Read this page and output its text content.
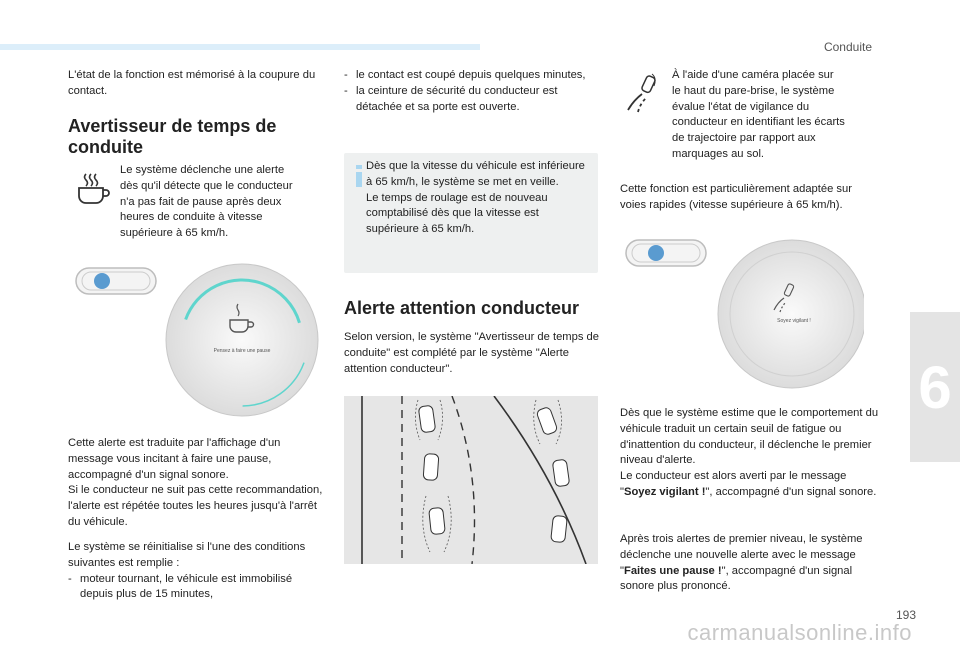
Conduite
6
193
carmanualsonline.info

L'état de la fonction est mémorisé à la coupure du contact.

Avertisseur de temps de conduite

Le système déclenche une alerte
dès qu'il détecte que le conducteur
n'a pas fait de pause après deux
heures de conduite à vitesse
supérieure à 65 km/h.

Pensez à faire une pause

Cette alerte est traduite par l'affichage d'un message vous incitant à faire une pause, accompagné d'un signal sonore.
Si le conducteur ne suit pas cette recommandation, l'alerte est répétée toutes les heures jusqu'à l'arrêt du véhicule.

Le système se réinitialise si l'une des conditions suivantes est remplie :

- moteur tournant, le véhicule est immobilisé depuis plus de 15 minutes,
- le contact est coupé depuis quelques minutes,
- la ceinture de sécurité du conducteur est détachée et sa porte est ouverte.

Dès que la vitesse du véhicule est inférieure à 65 km/h, le système se met en veille.
Le temps de roulage est de nouveau comptabilisé dès que la vitesse est supérieure à 65 km/h.

Alerte attention conducteur

Selon version, le système "Avertisseur de temps de conduite" est complété par le système "Alerte attention conducteur".

À l'aide d'une caméra placée sur
le haut du pare-brise, le système
évalue l'état de vigilance du
conducteur en identifiant les écarts
de trajectoire par rapport aux
marquages au sol.

Cette fonction est particulièrement adaptée sur voies rapides (vitesse supérieure à 65 km/h).

Soyez vigilant !

Dès que le système estime que le comportement du véhicule traduit un certain seuil de fatigue ou d'inattention du conducteur, il déclenche le premier niveau d'alerte.
Le conducteur est alors averti par le message "Soyez vigilant !", accompagné d'un signal sonore.

Après trois alertes de premier niveau, le système déclenche une nouvelle alerte avec le message "Faites une pause !", accompagné d'un signal sonore plus prononcé.
